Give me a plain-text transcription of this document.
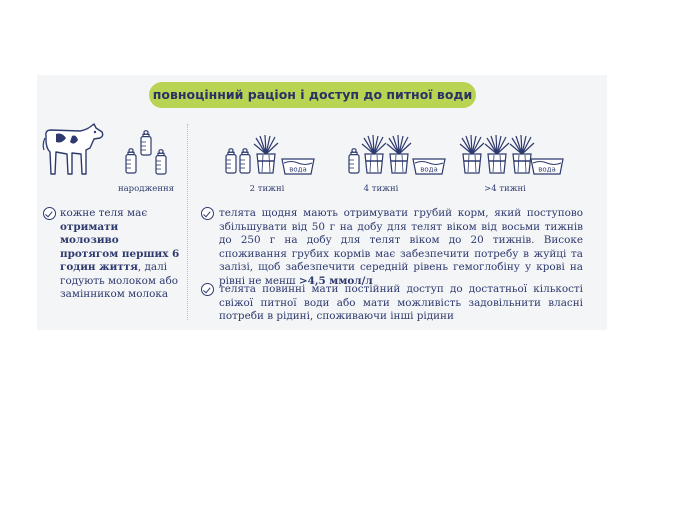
повноцінний раціон і доступ до питної води
вода	вода	вода
народження	2 тижні	4 тижні	>4 тижні
кожне теля має отримати молозиво протягом перших 6 годин життя, далі годують молоком або замінником молока
телята щодня мають отримувати грубий корм, який поступово збільшувати від 50 г на добу для телят віком від восьми тижнів до 250 г на добу для телят віком до 20 тижнів. Високе споживання грубих кормів має забезпечити потребу в жуйці та залізі, щоб забезпечити середній рівень гемоглобіну у крові на рівні не менш >4,5 ммол/л
телята повинні мати постійний доступ до достатньої кількості свіжої питної води або мати можливість задовільнити власні потреби в рідині, споживаючи інші рідини
